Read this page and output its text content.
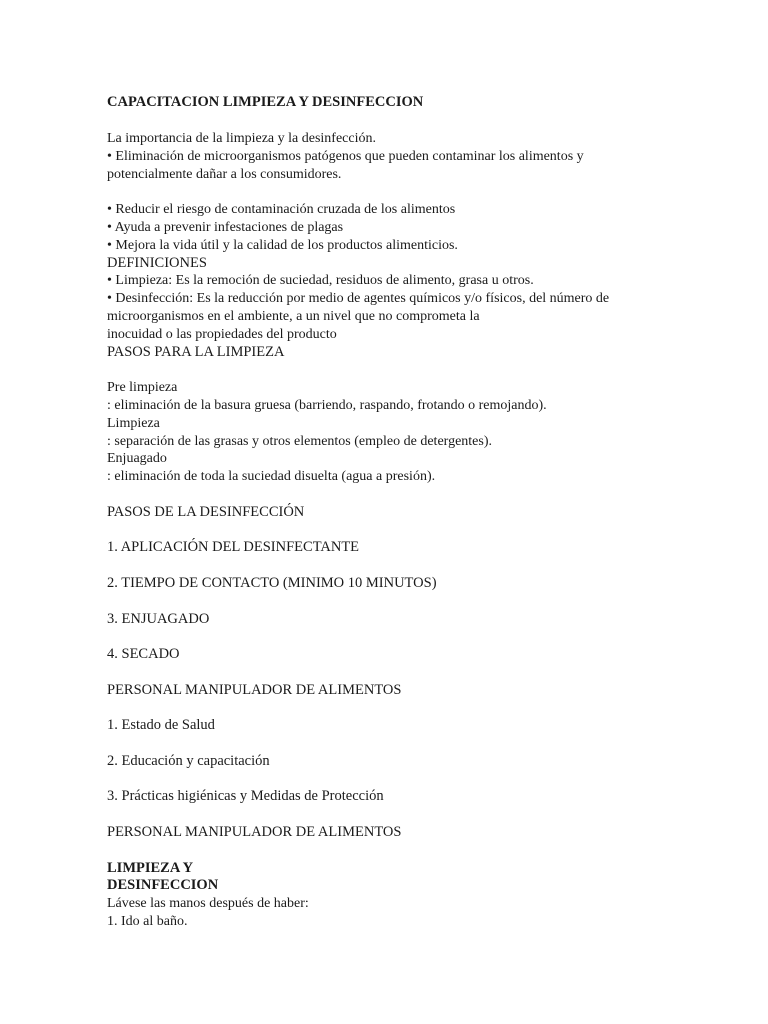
CAPACITACION LIMPIEZA Y DESINFECCION
La importancia de la limpieza y la desinfección.
• Eliminación de microorganismos patógenos que pueden contaminar los alimentos y
potencialmente dañar a los consumidores.
• Reducir el riesgo de contaminación cruzada de los alimentos
• Ayuda a prevenir infestaciones de plagas
• Mejora la vida útil y la calidad de los productos alimenticios.
DEFINICIONES
• Limpieza: Es la remoción de suciedad, residuos de alimento, grasa u otros.
• Desinfección: Es la reducción por medio de agentes químicos y/o físicos, del número de
microorganismos en el ambiente, a un nivel que no comprometa la
inocuidad o las propiedades del producto
PASOS PARA LA LIMPIEZA
Pre limpieza
: eliminación de la basura gruesa (barriendo, raspando, frotando o remojando).
Limpieza
: separación de las grasas y otros elementos (empleo de detergentes).
Enjuagado
: eliminación de toda la suciedad disuelta (agua a presión).
PASOS DE LA DESINFECCIÓN
1. APLICACIÓN DEL DESINFECTANTE
2. TIEMPO DE CONTACTO (MINIMO 10 MINUTOS)
3. ENJUAGADO
4. SECADO
PERSONAL MANIPULADOR DE ALIMENTOS
1. Estado de Salud
2. Educación y capacitación
3. Prácticas higiénicas y Medidas de Protección
PERSONAL MANIPULADOR DE ALIMENTOS
LIMPIEZA Y
DESINFECCION
Lávese las manos después de haber:
1. Ido al baño.
